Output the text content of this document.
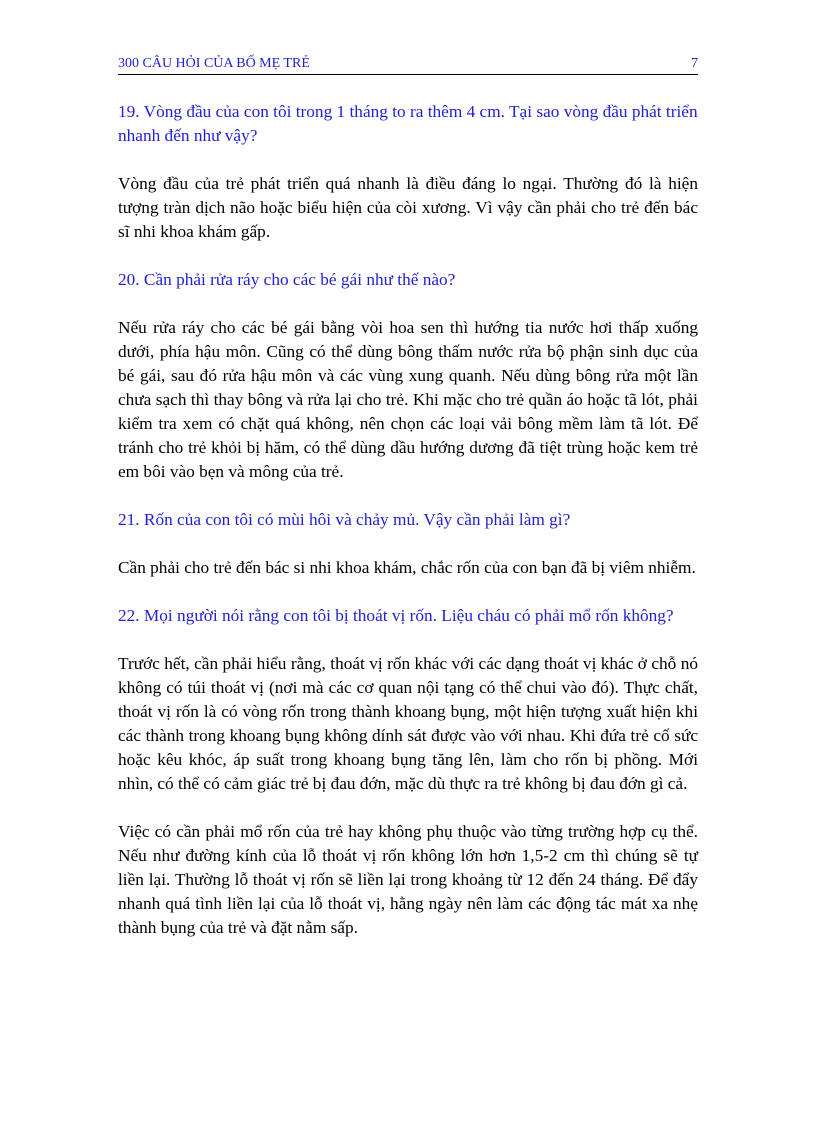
300 CÂU HỎI CỦA BỐ MẸ TRẺ	7

19. Vòng đầu của con tôi trong 1 tháng to ra thêm 4 cm. Tại sao vòng đầu phát triển nhanh đến như vậy?

Vòng đầu của trẻ phát triển quá nhanh là điều đáng lo ngại. Thường đó là hiện tượng tràn dịch não hoặc biểu hiện của còi xương. Vì vậy cần phải cho trẻ đến bác sĩ nhi khoa khám gấp.

20. Cần phải rửa ráy cho các bé gái như thế nào?

Nếu rửa ráy cho các bé gái bằng vòi hoa sen thì hướng tia nước hơi thấp xuống dưới, phía hậu môn. Cũng có thể dùng bông thấm nước rửa bộ phận sinh dục của bé gái, sau đó rửa hậu môn và các vùng xung quanh. Nếu dùng bông rửa một lần chưa sạch thì thay bông và rửa lại cho trẻ. Khi mặc cho trẻ quần áo hoặc tã lót, phải kiểm tra xem có chặt quá không, nên chọn các loại vải bông mềm làm tã lót. Để tránh cho trẻ khỏi bị hăm, có thể dùng dầu hướng dương đã tiệt trùng hoặc kem trẻ em bôi vào bẹn và mông của trẻ.

21. Rốn của con tôi có mùi hôi và chảy mủ. Vậy cần phải làm gì?

Cần phải cho trẻ đến bác si nhi khoa khám, chắc rốn của con bạn đã bị viêm nhiễm.

22. Mọi người nói rằng con tôi bị thoát vị rốn. Liệu cháu có phải mổ rốn không?

Trước hết, cần phải hiểu rằng, thoát vị rốn khác với các dạng thoát vị khác ở chỗ nó không có túi thoát vị (nơi mà các cơ quan nội tạng có thể chui vào đó). Thực chất, thoát vị rốn là có vòng rốn trong thành khoang bụng, một hiện tượng xuất hiện khi các thành trong khoang bụng không dính sát được vào với nhau. Khi đứa trẻ cố sức hoặc kêu khóc, áp suất trong khoang bụng tăng lên, làm cho rốn bị phồng. Mới nhìn, có thể có cảm giác trẻ bị đau đớn, mặc dù thực ra trẻ không bị đau đớn gì cả.

Việc có cần phải mổ rốn của trẻ hay không phụ thuộc vào từng trường hợp cụ thể. Nếu như đường kính của lỗ thoát vị rốn không lớn hơn 1,5-2 cm thì chúng sẽ tự liền lại. Thường lỗ thoát vị rốn sẽ liền lại trong khoảng từ 12 đến 24 tháng. Để đẩy nhanh quá tình liền lại của lỗ thoát vị, hằng ngày nên làm các động tác mát xa nhẹ thành bụng của trẻ và đặt nằm sấp.
